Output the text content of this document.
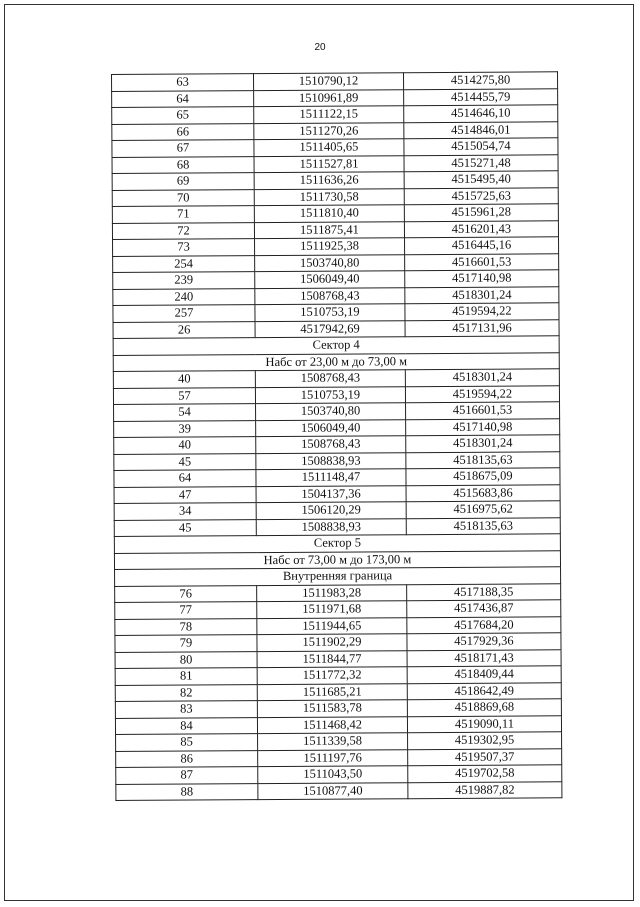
20
63	1510790,12	4514275,80
64	1510961,89	4514455,79
65	1511122,15	4514646,10
66	1511270,26	4514846,01
67	1511405,65	4515054,74
68	1511527,81	4515271,48
69	1511636,26	4515495,40
70	1511730,58	4515725,63
71	1511810,40	4515961,28
72	1511875,41	4516201,43
73	1511925,38	4516445,16
254	1503740,80	4516601,53
239	1506049,40	4517140,98
240	1508768,43	4518301,24
257	1510753,19	4519594,22
26	4517942,69	4517131,96
Сектор 4		
Набс от 23,00 м до 73,00 м		
40	1508768,43	4518301,24
57	1510753,19	4519594,22
54	1503740,80	4516601,53
39	1506049,40	4517140,98
40	1508768,43	4518301,24
45	1508838,93	4518135,63
64	1511148,47	4518675,09
47	1504137,36	4515683,86
34	1506120,29	4516975,62
45	1508838,93	4518135,63
Сектор 5		
Набс от 73,00 м до 173,00 м		
Внутренняя граница		
76	1511983,28	4517188,35
77	1511971,68	4517436,87
78	1511944,65	4517684,20
79	1511902,29	4517929,36
80	1511844,77	4518171,43
81	1511772,32	4518409,44
82	1511685,21	4518642,49
83	1511583,78	4518869,68
84	1511468,42	4519090,11
85	1511339,58	4519302,95
86	1511197,76	4519507,37
87	1511043,50	4519702,58
88	1510877,40	4519887,82
